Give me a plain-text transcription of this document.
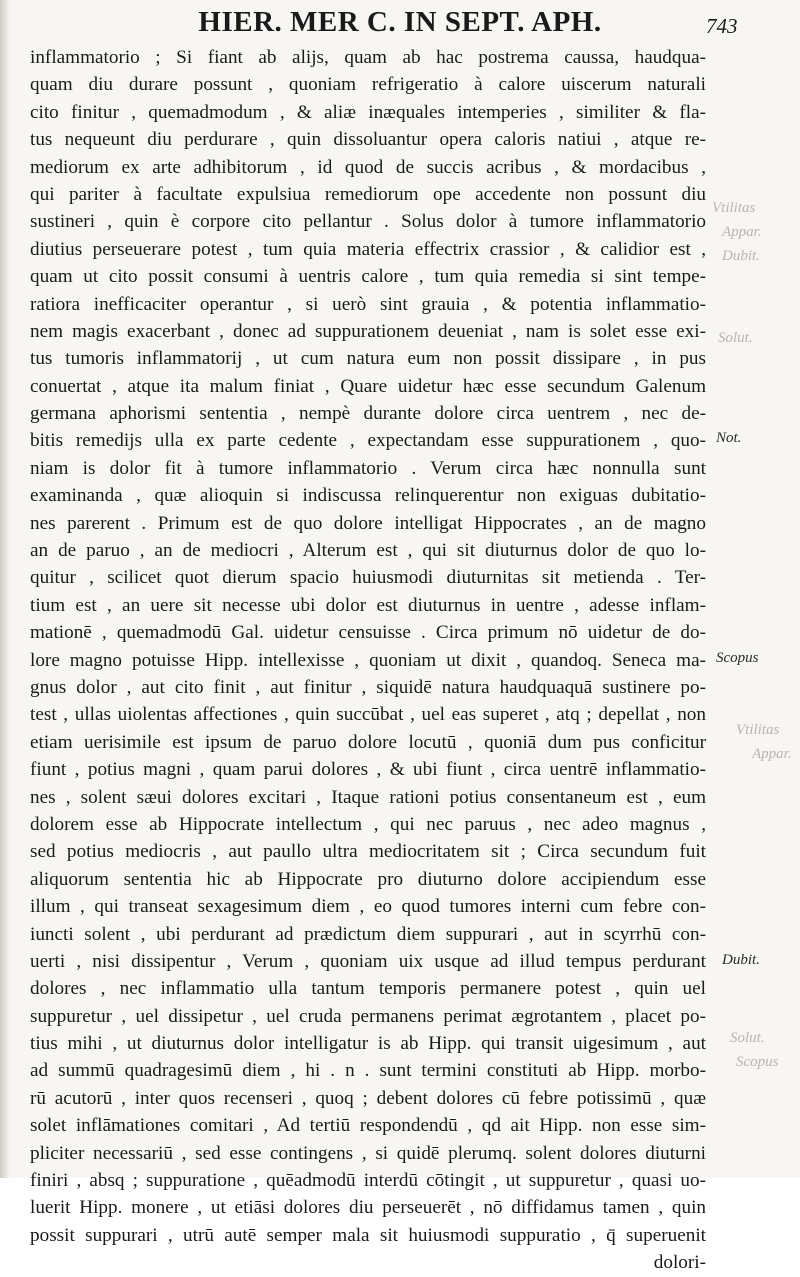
HIER. MER C. IN SEPT. APH.	743
inflammatorio ; Si fiant ab alijs, quam ab hac postrema caussa, haudqua-
quam diu durare possunt , quoniam refrigeratio à calore uiscerum naturali
cito finitur , quemadmodum , & aliæ inæquales intemperies , similiter & fla-
tus nequeunt diu perdurare , quin dissoluantur opera caloris natiui , atque re-
mediorum ex arte adhibitorum , id quod de succis acribus , & mordacibus ,
qui pariter à facultate expulsiua remediorum ope accedente non possunt diu
sustineri , quin è corpore cito pellantur . Solus dolor à tumore inflammatorio
diutius perseuerare potest , tum quia materia effectrix crassior , & calidior est ,
quam ut cito possit consumi à uentris calore , tum quia remedia si sint tempe-
ratiora inefficaciter operantur , si uerò sint grauia , & potentia inflammatio-
nem magis exacerbant , donec ad suppurationem deueniat , nam is solet esse exi-
tus tumoris inflammatorij , ut cum natura eum non possit dissipare , in pus
conuertat , atque ita malum finiat , Quare uidetur hæc esse secundum Galenum
germana aphorismi sententia , nempè durante dolore circa uentrem , nec de-
bitis remedijs ulla ex parte cedente , expectandam esse suppurationem , quo-
niam is dolor fit à tumore inflammatorio . Verum circa hæc nonnulla sunt
examinanda , quæ alioquin si indiscussa relinquerentur non exiguas dubitatio-
nes parerent . Primum est de quo dolore intelligat Hippocrates , an de magno
an de paruo , an de mediocri , Alterum est , qui sit diuturnus dolor de quo lo-
quitur , scilicet quot dierum spacio huiusmodi diuturnitas sit metienda . Ter-
tium est , an uere sit necesse ubi dolor est diuturnus in uentre , adesse inflam-
mationē , quemadmodū Gal. uidetur censuisse . Circa primum nō uidetur de do-
lore magno potuisse Hipp. intellexisse , quoniam ut dixit , quandoq. Seneca ma-
gnus dolor , aut cito finit , aut finitur , siquidē natura haudquaquā sustinere po-
test , ullas uiolentas affectiones , quin succūbat , uel eas superet , atq ; depellat , non
etiam uerisimile est ipsum de paruo dolore locutū , quoniā dum pus conficitur
fiunt , potius magni , quam parui dolores , & ubi fiunt , circa uentrē inflammatio-
nes , solent sæui dolores excitari , Itaque rationi potius consentaneum est , eum
dolorem esse ab Hippocrate intellectum , qui nec paruus , nec adeo magnus ,
sed potius mediocris , aut paullo ultra mediocritatem sit ; Circa secundum fuit
aliquorum sententia hic ab Hippocrate pro diuturno dolore accipiendum esse
illum , qui transeat sexagesimum diem , eo quod tumores interni cum febre con-
iuncti solent , ubi perdurant ad prædictum diem suppurari , aut in scyrrhū con-
uerti , nisi dissipentur , Verum , quoniam uix usque ad illud tempus perdurant
dolores , nec inflammatio ulla tantum temporis permanere potest , quin uel
suppuretur , uel dissipetur , uel cruda permanens perimat ægrotantem , placet po-
tius mihi , ut diuturnus dolor intelligatur is ab Hipp. qui transit uigesimum , aut
ad summū quadragesimū diem , hi . n . sunt termini constituti ab Hipp. morbo-
rū acutorū , inter quos recenseri , quoq ; debent dolores cū febre potissimū , quæ
solet inflāmationes comitari , Ad tertiū respondendū , qd ait Hipp. non esse sim-
pliciter necessariū , sed esse contingens , si quidē plerumq. solent dolores diuturni
finiri , absq ; suppuratione , quēadmodū interdū cōtingit , ut suppuretur , quasi uo-
luerit Hipp. monere , ut etiāsi dolores diu perseuerēt , nō diffidamus tamen , quin
possit suppurari , utrū autē semper mala sit huiusmodi suppuratio , q̄ superuenit
dolori-
Vtilitas
Appar.
Dubit.
Solut.
Not.
Scopus
Vtilitas
Appar.
Dubit.
Solut.
Scopus
